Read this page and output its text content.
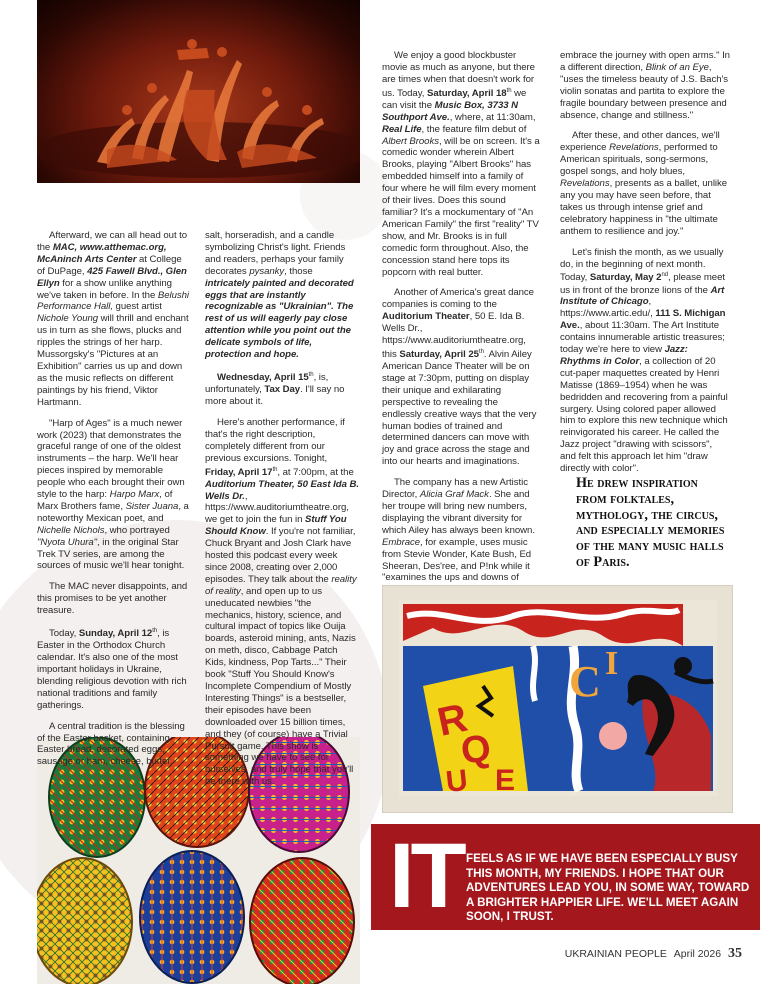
Afterward, we can all head out to the MAC, www.atthemac.org, McAninch Arts Center at College of DuPage, 425 Fawell Blvd., Glen Ellyn for a show unlike anything we've taken in before. In the Belushi Performance Hall, guest artist Nichole Young will thrill and enchant us in turn as she flows, plucks and ripples the strings of her harp. Mussorgsky's "Pictures at an Exhibition" carries us up and down as the music reflects on different paintings by his friend, Viktor Hartmann.

"Harp of Ages" is a much newer work (2023) that demonstrates the graceful range of one of the oldest instruments – the harp. We'll hear pieces inspired by memorable people who each brought their own style to the harp: Harpo Marx, of Marx Brothers fame, Sister Juana, a noteworthy Mexican poet, and Nichelle Nichols, who portrayed "Nyota Uhura", in the original Star Trek TV series, are among the sources of music we'll hear tonight.

The MAC never disappoints, and this promises to be yet another treasure.

Today, Sunday, April 12th, is Easter in the Orthodox Church calendar. It's also one of the most important holidays in Ukraine, blending religious devotion with rich national traditions and family gatherings.

A central tradition is the blessing of the Easter basket, containing Easter bread, decorated eggs, sausage or ham, cheese, butter,

salt, horseradish, and a candle symbolizing Christ's light. Friends and readers, perhaps your family decorates pysanky, those intricately painted and decorated eggs that are instantly recognizable as "Ukrainian". The rest of us will eagerly pay close attention while you point out the delicate symbols of life, protection and hope.

Wednesday, April 15th, is, unfortunately, Tax Day. I'll say no more about it.

Here's another performance, if that's the right description, completely different from our previous excursions. Tonight, Friday, April 17th, at 7:00pm, at the Auditorium Theater, 50 East Ida B. Wells Dr., https://www.auditoriumtheatre.org, we get to join the fun in Stuff You Should Know. If you're not familiar, Chuck Bryant and Josh Clark have hosted this podcast every week since 2008, creating over 2,000 episodes. They talk about the reality of reality, and open up to us uneducated newbies "the mechanics, history, science, and cultural impact of topics like Ouija boards, asteroid mining, ants, Nazis on meth, disco, Cabbage Patch Kids, kindness, Pop Tarts..." Their book "Stuff You Should Know's Incomplete Compendium of Mostly Interesting Things" is a bestseller, their episodes have been downloaded over 15 billion times, and they (of course) have a Trivial Pursuit game. This show is something we have to see for ourselves, and truly hope that you'll be there with us.

We enjoy a good blockbuster movie as much as anyone, but there are times when that doesn't work for us. Today, Saturday, April 18th we can visit the Music Box, 3733 N Southport Ave., where, at 11:30am, Real Life, the feature film debut of Albert Brooks, will be on screen. It's a comedic wonder wherein Albert Brooks, playing "Albert Brooks" has embedded himself into a family of four where he will film every moment of their lives. Does this sound familiar? It's a mockumentary of "An American Family" the first "reality" TV show, and Mr. Brooks is in full comedic form throughout. Also, the concession stand here tops its popcorn with real butter.

Another of America's great dance companies is coming to the Auditorium Theater, 50 E. Ida B. Wells Dr., https://www.auditoriumtheatre.org, this Saturday, April 25th. Alvin Ailey American Dance Theater will be on stage at 7:30pm, putting on display their unique and exhilarating perspective to revealing the endlessly creative ways that the very human bodies of trained and determined dancers can move with joy and grace across the stage and into our hearts and imaginations.

The company has a new Artistic Director, Alicia Graf Mack. She and her troupe will bring new numbers, displaying the vibrant diversity for which Ailey has always been known. Embrace, for example, uses music from Stevie Wonder, Kate Bush, Ed Sheeran, Des'ree, and P!nk while it "examines the ups and downs of

embrace the journey with open arms." In a different direction, Blink of an Eye, "uses the timeless beauty of J.S. Bach's violin sonatas and partita to explore the fragile boundary between presence and absence, change and stillness."

After these, and other dances, we'll experience Revelations, performed to American spirituals, song-sermons, gospel songs, and holy blues, Revelations, presents as a ballet, unlike any you may have seen before, that takes us through intense grief and celebratory happiness in "the ultimate anthem to resilience and joy."

Let's finish the month, as we usually do, in the beginning of next month. Today, Saturday, May 2nd, please meet us in front of the bronze lions of the Art Institute of Chicago, https://www.artic.edu/, 111 S. Michigan Ave., about 11:30am. The Art Institute contains innumerable artistic treasures; today we're here to view Jazz: Rhythms in Color, a collection of 20 cut-paper maquettes created by Henri Matisse (1869–1954) when he was bedridden and recovering from a painful surgery. Using colored paper allowed him to explore this new technique which reinvigorated his career. He called the Jazz project "drawing with scissors", and felt this approach let him "draw directly with color".

He drew inspiration from folktales, mythology, the circus, and especially memories of the many music halls of Paris.
C I
R
Q
U E
IT FEELS AS IF WE HAVE BEEN ESPECIALLY BUSY THIS MONTH, MY FRIENDS. I HOPE THAT OUR ADVENTURES LEAD YOU, IN SOME WAY, TOWARD A BRIGHTER HAPPIER LIFE. WE'LL MEET AGAIN SOON, I TRUST.
UKRAINIAN PEOPLE April 2026 35
